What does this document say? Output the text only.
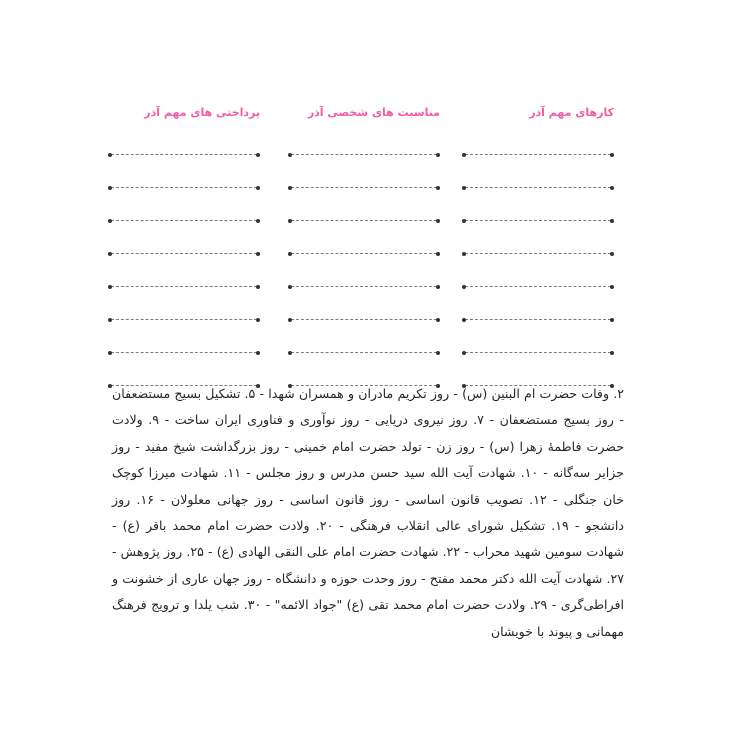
کارهای مهم آذر
مناسبت های شخصی آذر
پرداختی های مهم آذر
۲. وفات حضرت ام البنین (س) - روز تکریم مادران و همسران شهدا - ۵. تشکیل بسیج مستضعفان - روز بسیج مستضعفان - ۷. روز نیروی دریایی - روز نوآوری و فناوری ایران ساخت - ۹. ولادت حضرت فاطمهٔ زهرا (س) - روز زن - تولد حضرت امام خمینی - روز بزرگداشت شیخ مفید - روز جزایر سه‌گانه - ۱۰. شهادت آیت الله سید حسن مدرس و روز مجلس - ۱۱. شهادت میرزا کوچک خان جنگلی - ۱۲. تصویب قانون اساسی - روز قانون اساسی - روز جهانی معلولان - ۱۶. روز دانشجو - ۱۹. تشکیل شورای عالی انقلاب فرهنگی - ۲۰. ولادت حضرت امام محمد باقر (ع) - شهادت سومین شهید محراب - ۲۲. شهادت حضرت امام علی النقی الهادی (ع) - ۲۵. روز پژوهش - ۲۷. شهادت آیت الله دکتر محمد مفتح - روز وحدت حوزه و دانشگاه - روز جهان عاری از خشونت و افراطی‌گری - ۲۹. ولادت حضرت امام محمد تقی (ع) "جواد الائمه" - ۳۰. شب یلدا و ترویج فرهنگ مهمانی و پیوند با خویشان
